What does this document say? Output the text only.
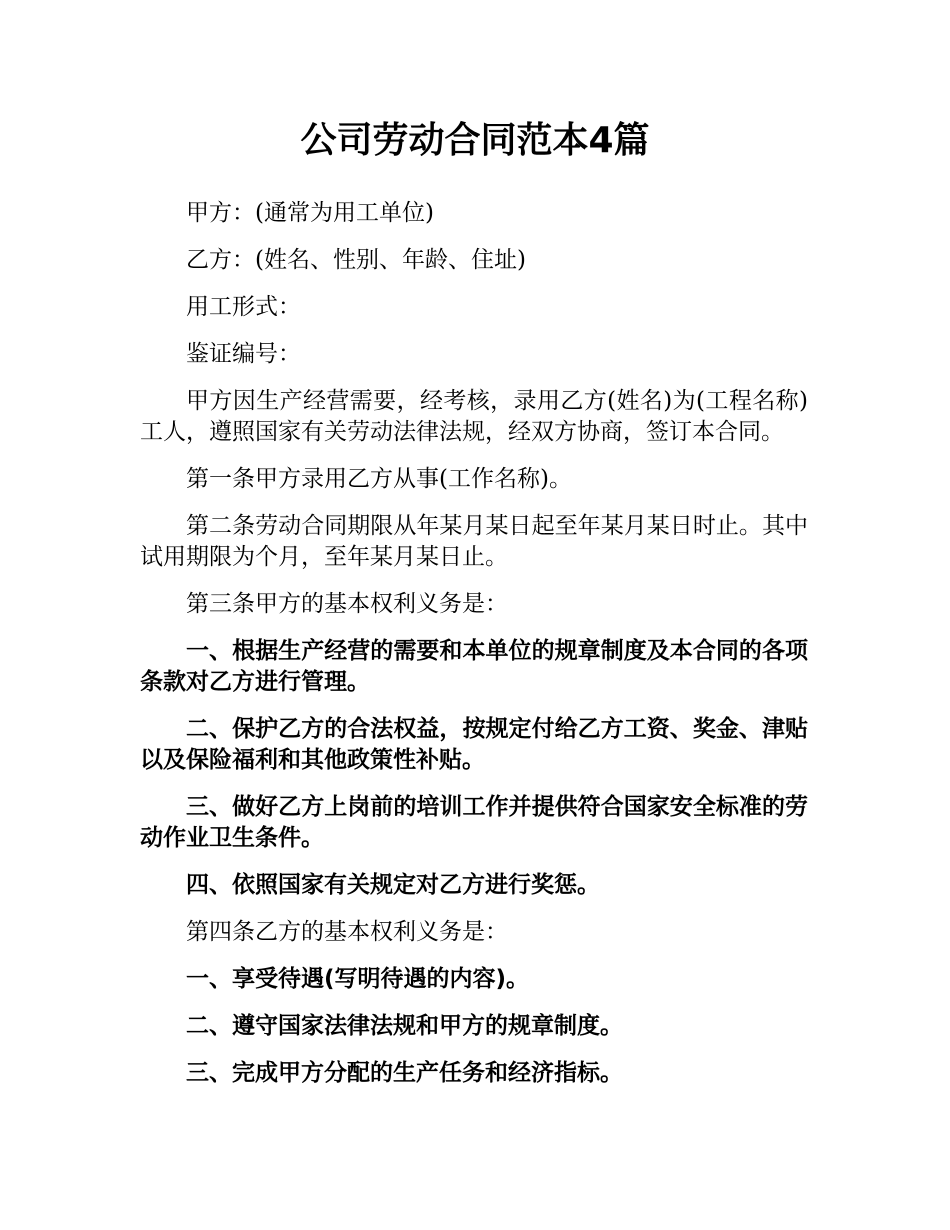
公司劳动合同范本4篇

甲方：(通常为用工单位)

乙方：(姓名、性别、年龄、住址)

用工形式：

鉴证编号：

甲方因生产经营需要，经考核，录用乙方(姓名)为(工程名称)工人，遵照国家有关劳动法律法规，经双方协商，签订本合同。

第一条甲方录用乙方从事(工作名称)。

第二条劳动合同期限从年某月某日起至年某月某日时止。其中试用期限为个月，至年某月某日止。

第三条甲方的基本权利义务是：

一、根据生产经营的需要和本单位的规章制度及本合同的各项条款对乙方进行管理。

二、保护乙方的合法权益，按规定付给乙方工资、奖金、津贴以及保险福利和其他政策性补贴。

三、做好乙方上岗前的培训工作并提供符合国家安全标准的劳动作业卫生条件。

四、依照国家有关规定对乙方进行奖惩。

第四条乙方的基本权利义务是：

一、享受待遇(写明待遇的内容)。

二、遵守国家法律法规和甲方的规章制度。

三、完成甲方分配的生产任务和经济指标。
